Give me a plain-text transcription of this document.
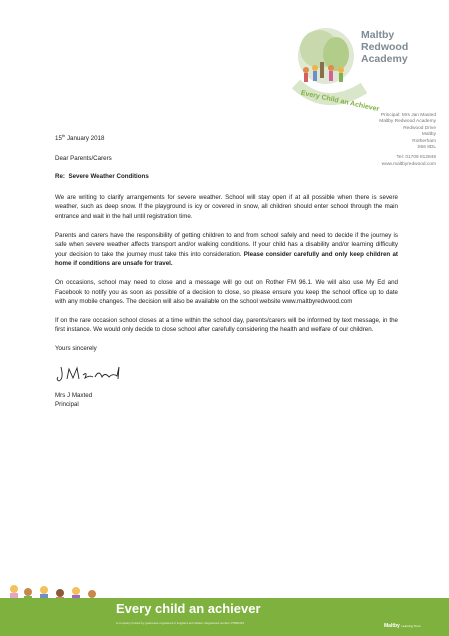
Every Child an Achiever
Maltby
Redwood
Academy
Principal: Mrs Jan Maxted
Maltby Redwood Academy
Redwood Drive
Maltby
Rotherham
S66 8DL
Tel: 01709 812848
www.maltbyredwood.com

15th January 2018

Dear Parents/Carers

Re: Severe Weather Conditions

We are writing to clarify arrangements for severe weather. School will stay open if at all possible when there is severe weather, such as deep snow. If the playground is icy or covered in snow, all children should enter school through the main entrance and wait in the hall until registration time.

Parents and carers have the responsibility of getting children to and from school safely and need to decide if the journey is safe when severe weather affects transport and/or walking conditions. If your child has a disability and/or learning difficulty your decision to take the journey must take this into consideration. Please consider carefully and only keep children at home if conditions are unsafe for travel.

On occasions, school may need to close and a message will go out on Rother FM 96.1. We will also use My Ed and Facebook to notify you as soon as possible of a decision to close, so please ensure you keep the school office up to date with any mobile changes. The decision will also be available on the school website www.maltbyredwood.com

If on the rare occasion school closes at a time within the school day, parents/carers will be informed by text message, in the first instance. We would only decide to close school after carefully considering the health and welfare of our children.

Yours sincerely

Mrs J Maxted

Principal

Every child an achiever
A company limited by guarantee registered in England and Wales. Registered number 07882419	Maltby Learning Trust
